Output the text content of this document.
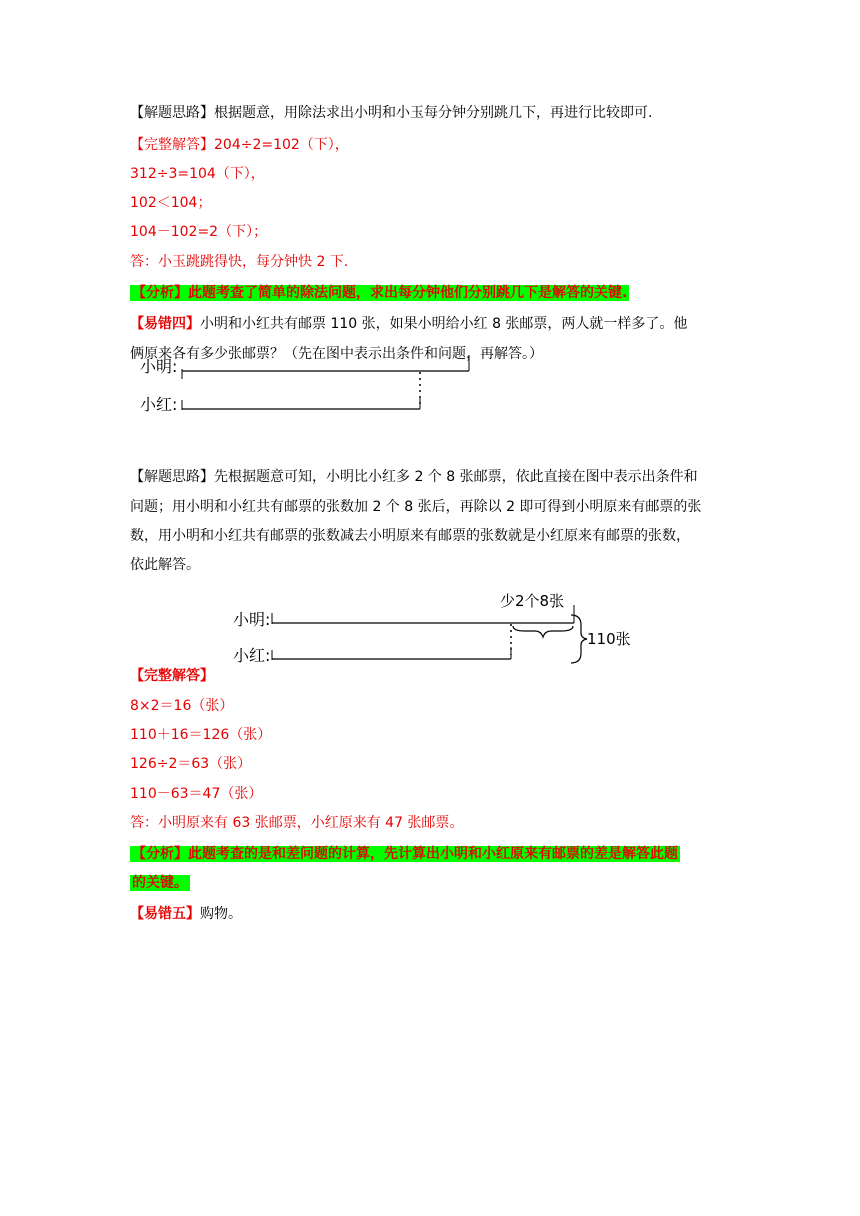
【解题思路】根据题意，用除法求出小明和小玉每分钟分别跳几下，再进行比较即可.
【完整解答】204÷2=102（下），
312÷3=104（下），
102＜104；
104－102=2（下）；
答：小玉跳跳得快，每分钟快 2 下.
【分析】此题考查了简单的除法问题，求出每分钟他们分别跳几下是解答的关键.
【易错四】小明和小红共有邮票 110 张，如果小明给小红 8 张邮票，两人就一样多了。他
俩原来各有多少张邮票？（先在图中表示出条件和问题，再解答。）
小明:
小红:
【解题思路】先根据题意可知，小明比小红多 2 个 8 张邮票，依此直接在图中表示出条件和
问题；用小明和小红共有邮票的张数加 2 个 8 张后，再除以 2 即可得到小明原来有邮票的张
数，用小明和小红共有邮票的张数减去小明原来有邮票的张数就是小红原来有邮票的张数，
依此解答。
少2个8张
小明:
小红:
110张
【完整解答】
8×2＝16（张）
110＋16＝126（张）
126÷2＝63（张）
110－63＝47（张）
答：小明原来有 63 张邮票，小红原来有 47 张邮票。
【分析】此题考查的是和差问题的计算，先计算出小明和小红原来有邮票的差是解答此题
的关键。
【易错五】购物。
